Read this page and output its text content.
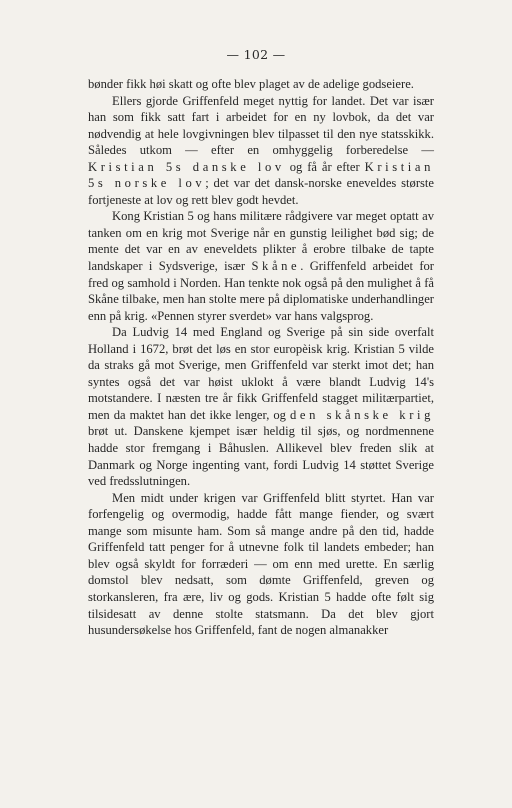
— 102 —

bønder fikk høi skatt og ofte blev plaget av de adelige godseiere.

Ellers gjorde Griffenfeld meget nyttig for landet. Det var især han som fikk satt fart i arbeidet for en ny lovbok, da det var nødvendig at hele lovgivningen blev tilpasset til den nye statsskikk. Således utkom — efter en omhyggelig forberedelse — Kristian 5s danske lov og få år efter Kristian 5s norske lov; det var det dansk-norske eneveldes største fortjeneste at lov og rett blev godt hevdet.

Kong Kristian 5 og hans militære rådgivere var meget optatt av tanken om en krig mot Sverige når en gunstig leilighet bød sig; de mente det var en av eneveldets plikter å erobre tilbake de tapte landskaper i Sydsverige, især Skåne. Griffenfeld arbeidet for fred og samhold i Norden. Han tenkte nok også på den mulighet å få Skåne tilbake, men han stolte mere på diplomatiske underhandlinger enn på krig. «Pennen styrer sverdet» var hans valgsprog.

Da Ludvig 14 med England og Sverige på sin side overfalt Holland i 1672, brøt det løs en stor europèisk krig. Kristian 5 vilde da straks gå mot Sverige, men Griffenfeld var sterkt imot det; han syntes også det var høist uklokt å være blandt Ludvig 14's motstandere. I næsten tre år fikk Griffenfeld stagget militærpartiet, men da maktet han det ikke lenger, og den skånske krig brøt ut. Danskene kjempet især heldig til sjøs, og nordmennene hadde stor fremgang i Båhuslen. Allikevel blev freden slik at Danmark og Norge ingenting vant, fordi Ludvig 14 støttet Sverige ved fredsslutningen.

Men midt under krigen var Griffenfeld blitt styrtet. Han var forfengelig og overmodig, hadde fått mange fiender, og svært mange som misunte ham. Som så mange andre på den tid, hadde Griffenfeld tatt penger for å utnevne folk til landets embeder; han blev også skyldt for forræderi — om enn med urette. En særlig domstol blev nedsatt, som dømte Griffenfeld, greven og storkansleren, fra ære, liv og gods. Kristian 5 hadde ofte følt sig tilsidesatt av denne stolte statsmann. Da det blev gjort husundersøkelse hos Griffenfeld, fant de nogen almanakker
